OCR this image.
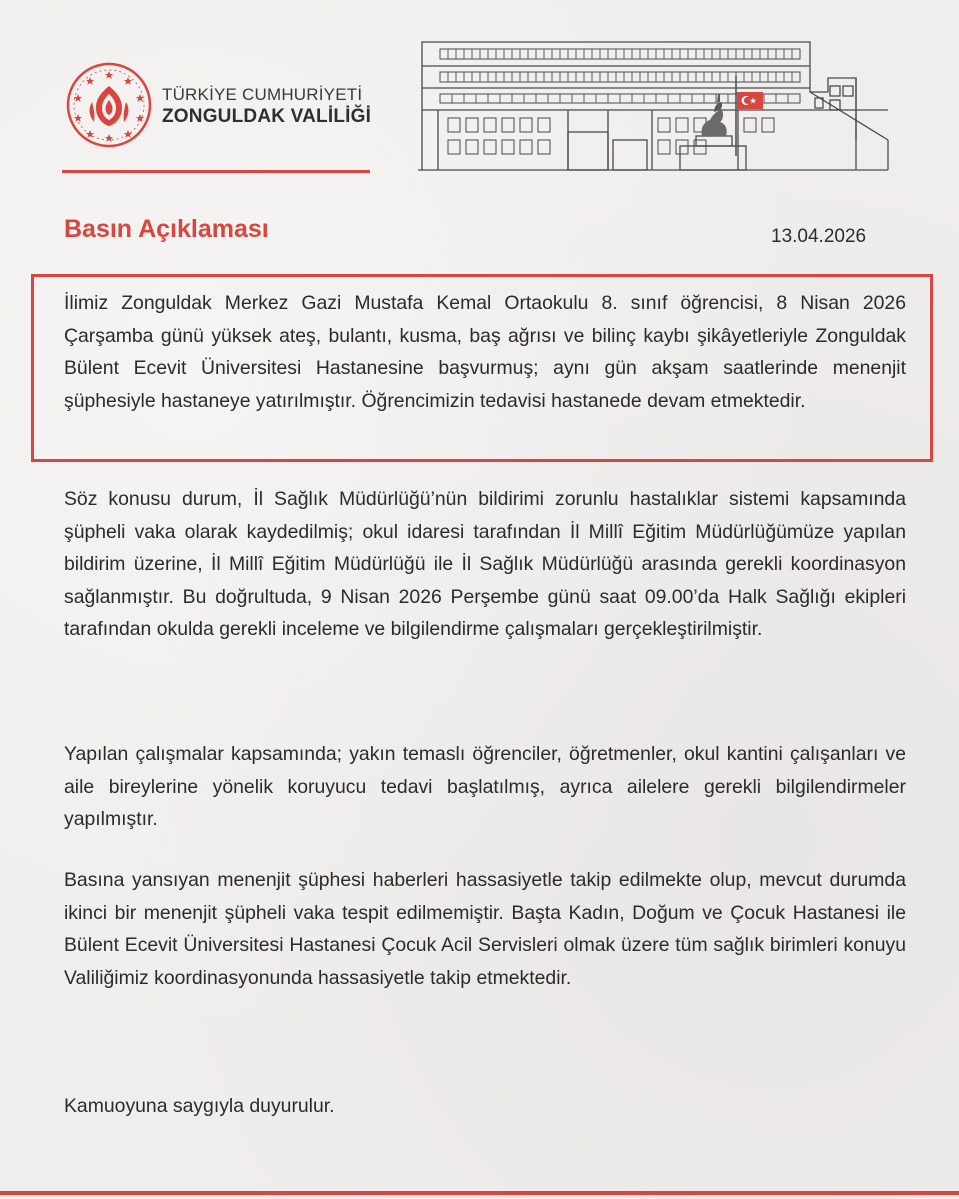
TÜRKİYE CUMHURİYETİ
ZONGULDAK VALİLİĞİ
Basın Açıklaması	13.04.2026
İlimiz Zonguldak Merkez Gazi Mustafa Kemal Ortaokulu 8. sınıf öğrencisi, 8 Nisan 2026 Çarşamba günü yüksek ateş, bulantı, kusma, baş ağrısı ve bilinç kaybı şikâyetleriyle Zonguldak Bülent Ecevit Üniversitesi Hastanesine başvurmuş; aynı gün akşam saatlerinde menenjit şüphesiyle hastaneye yatırılmıştır. Öğrencimizin tedavisi hastanede devam etmektedir.
Söz konusu durum, İl Sağlık Müdürlüğü’nün bildirimi zorunlu hastalıklar sistemi kapsamında şüpheli vaka olarak kaydedilmiş; okul idaresi tarafından İl Millî Eğitim Müdürlüğümüze yapılan bildirim üzerine, İl Millî Eğitim Müdürlüğü ile İl Sağlık Müdürlüğü arasında gerekli koordinasyon sağlanmıştır. Bu doğrultuda, 9 Nisan 2026 Perşembe günü saat 09.00’da Halk Sağlığı ekipleri tarafından okulda gerekli inceleme ve bilgilendirme çalışmaları gerçekleştirilmiştir.
Yapılan çalışmalar kapsamında; yakın temaslı öğrenciler, öğretmenler, okul kantini çalışanları ve aile bireylerine yönelik koruyucu tedavi başlatılmış, ayrıca ailelere gerekli bilgilendirmeler yapılmıştır.
Basına yansıyan menenjit şüphesi haberleri hassasiyetle takip edilmekte olup, mevcut durumda ikinci bir menenjit şüpheli vaka tespit edilmemiştir. Başta Kadın, Doğum ve Çocuk Hastanesi ile Bülent Ecevit Üniversitesi Hastanesi Çocuk Acil Servisleri olmak üzere tüm sağlık birimleri konuyu Valiliğimiz koordinasyonunda hassasiyetle takip etmektedir.
Kamuoyuna saygıyla duyurulur.
